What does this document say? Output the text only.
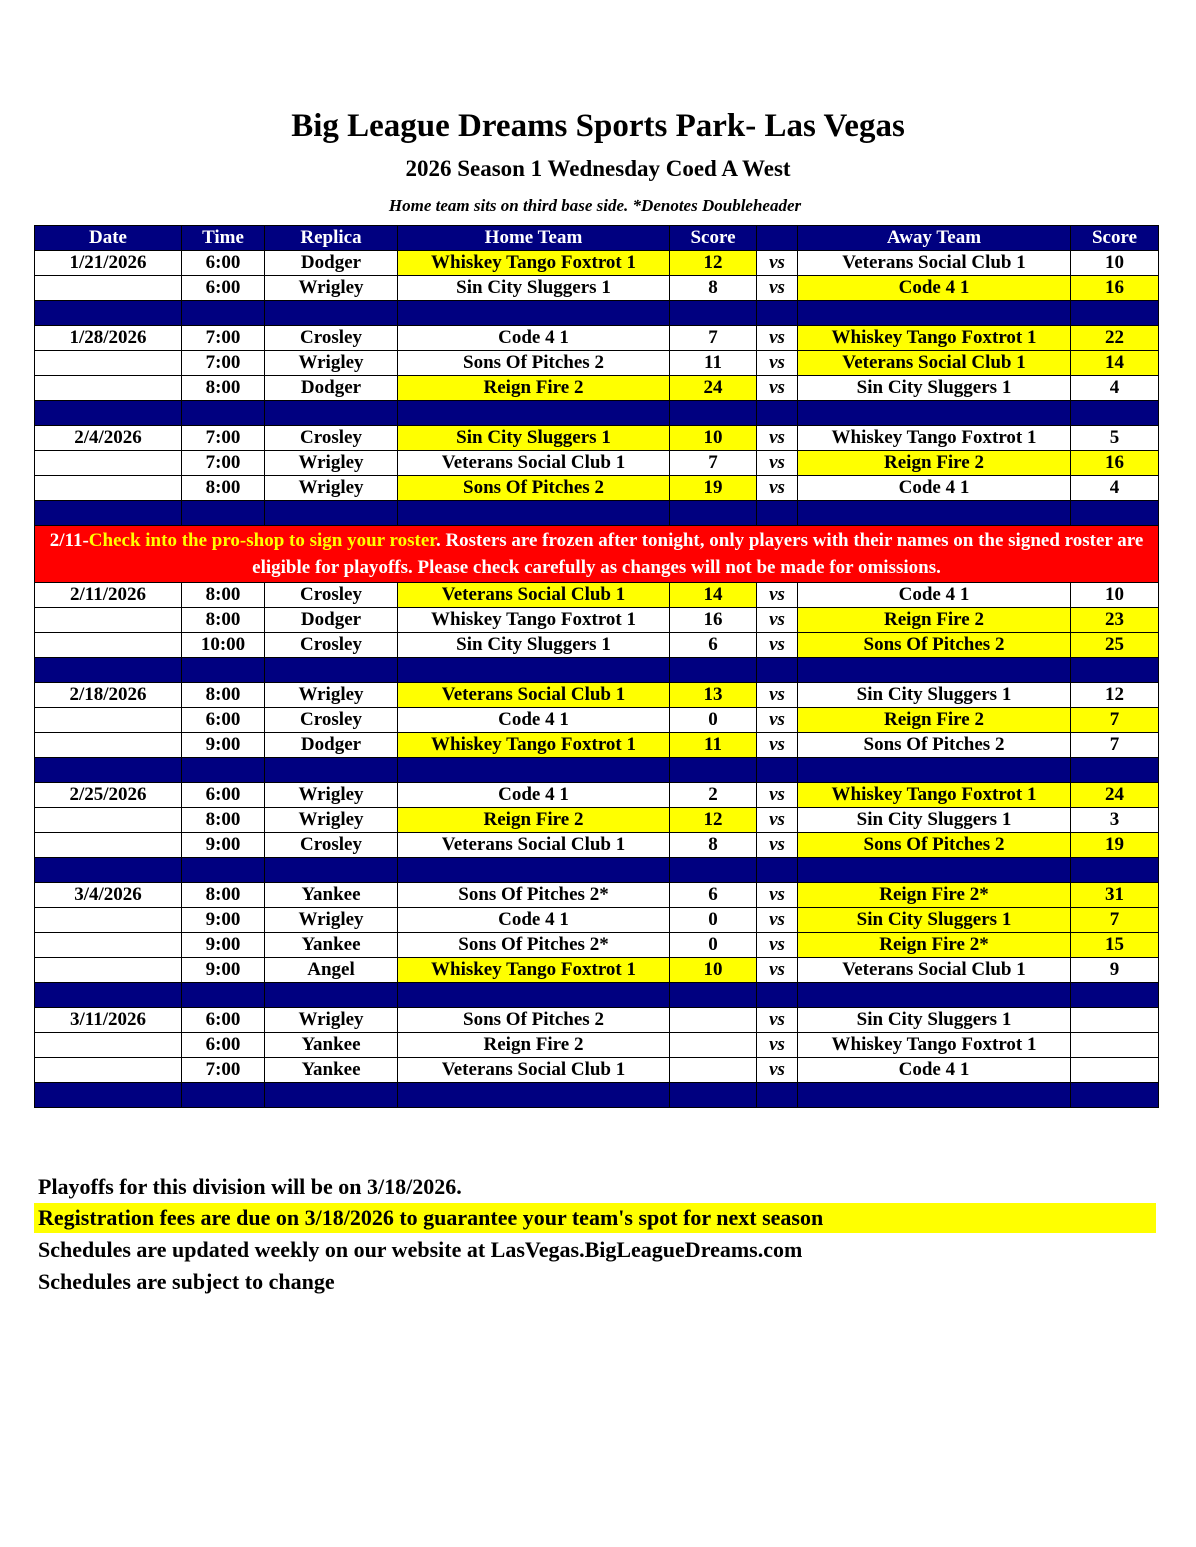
Big League Dreams Sports Park- Las Vegas
2026 Season 1 Wednesday Coed A West
Home team sits on third base side. *Denotes Doubleheader
Date	Time	Replica	Home Team	Score		Away Team	Score
1/21/2026	6:00	Dodger	Whiskey Tango Foxtrot 1	12	vs	Veterans Social Club 1	10
	6:00	Wrigley	Sin City Sluggers 1	8	vs	Code 4 1	16

1/28/2026	7:00	Crosley	Code 4 1	7	vs	Whiskey Tango Foxtrot 1	22
	7:00	Wrigley	Sons Of Pitches 2	11	vs	Veterans Social Club 1	14
	8:00	Dodger	Reign Fire 2	24	vs	Sin City Sluggers 1	4

2/4/2026	7:00	Crosley	Sin City Sluggers 1	10	vs	Whiskey Tango Foxtrot 1	5
	7:00	Wrigley	Veterans Social Club 1	7	vs	Reign Fire 2	16
	8:00	Wrigley	Sons Of Pitches 2	19	vs	Code 4 1	4

2/11-Check into the pro-shop to sign your roster. Rosters are frozen after tonight, only players with their names on the signed roster are eligible for playoffs. Please check carefully as changes will not be made for omissions.							
2/11/2026	8:00	Crosley	Veterans Social Club 1	14	vs	Code 4 1	10
	8:00	Dodger	Whiskey Tango Foxtrot 1	16	vs	Reign Fire 2	23
	10:00	Crosley	Sin City Sluggers 1	6	vs	Sons Of Pitches 2	25

2/18/2026	8:00	Wrigley	Veterans Social Club 1	13	vs	Sin City Sluggers 1	12
	6:00	Crosley	Code 4 1	0	vs	Reign Fire 2	7
	9:00	Dodger	Whiskey Tango Foxtrot 1	11	vs	Sons Of Pitches 2	7

2/25/2026	6:00	Wrigley	Code 4 1	2	vs	Whiskey Tango Foxtrot 1	24
	8:00	Wrigley	Reign Fire 2	12	vs	Sin City Sluggers 1	3
	9:00	Crosley	Veterans Social Club 1	8	vs	Sons Of Pitches 2	19

3/4/2026	8:00	Yankee	Sons Of Pitches 2*	6	vs	Reign Fire 2*	31
	9:00	Wrigley	Code 4 1	0	vs	Sin City Sluggers 1	7
	9:00	Yankee	Sons Of Pitches 2*	0	vs	Reign Fire 2*	15
	9:00	Angel	Whiskey Tango Foxtrot 1	10	vs	Veterans Social Club 1	9

3/11/2026	6:00	Wrigley	Sons Of Pitches 2		vs	Sin City Sluggers 1	
	6:00	Yankee	Reign Fire 2		vs	Whiskey Tango Foxtrot 1	
	7:00	Yankee	Veterans Social Club 1		vs	Code 4 1	

Playoffs for this division will be on 3/18/2026.
Registration fees are due on 3/18/2026 to guarantee your team's spot for next season
Schedules are updated weekly on our website at LasVegas.BigLeagueDreams.com
Schedules are subject to change
